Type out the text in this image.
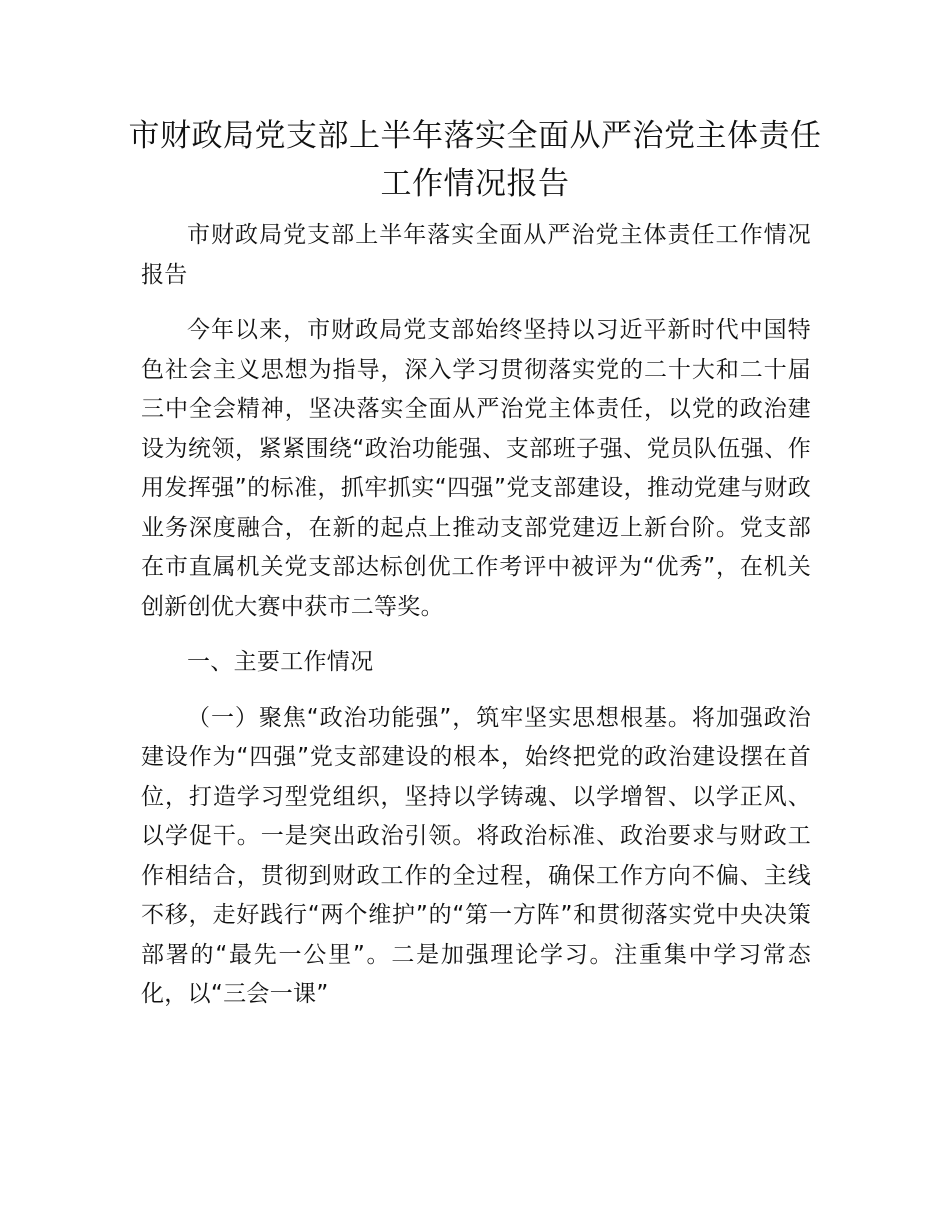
市财政局党支部上半年落实全面从严治党主体责任工作情况报告

市财政局党支部上半年落实全面从严治党主体责任工作情况报告

今年以来，市财政局党支部始终坚持以习近平新时代中国特色社会主义思想为指导，深入学习贯彻落实党的二十大和二十届三中全会精神，坚决落实全面从严治党主体责任，以党的政治建设为统领，紧紧围绕“政治功能强、支部班子强、党员队伍强、作用发挥强”的标准，抓牢抓实“四强”党支部建设，推动党建与财政业务深度融合，在新的起点上推动支部党建迈上新台阶。党支部在市直属机关党支部达标创优工作考评中被评为“优秀”，在机关创新创优大赛中获市二等奖。

一、主要工作情况

（一）聚焦“政治功能强”，筑牢坚实思想根基。将加强政治建设作为“四强”党支部建设的根本，始终把党的政治建设摆在首位，打造学习型党组织，坚持以学铸魂、以学增智、以学正风、以学促干。一是突出政治引领。将政治标准、政治要求与财政工作相结合，贯彻到财政工作的全过程，确保工作方向不偏、主线不移，走好践行“两个维护”的“第一方阵”和贯彻落实党中央决策部署的“最先一公里”。二是加强理论学习。注重集中学习常态化，以“三会一课”
